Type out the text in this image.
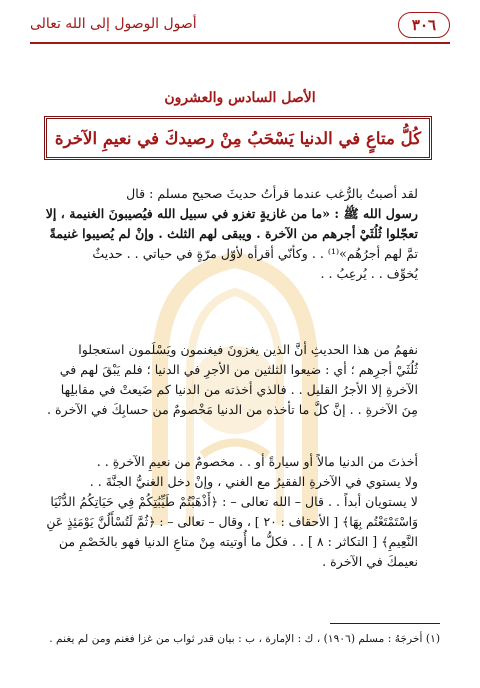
٣٠٦
أصول الوصول إلى الله تعالى
الأصل السادس والعشرون
كُلُّ متاعٍ في الدنيا يَسْحَبُ مِنْ رصيدكَ في نعيمِ الآخرة
لقد أصبتُ بالرُّغب عندما قرأتُ حديثَ صحيح مسلم : قال
رسول الله ﷺ : «ما من غازيةٍ تغزو في سبيل الله فيُصيبونَ الغنيمة ، إلا
تعجّلوا ثُلُثَيْ أجرهم من الآخرة . ويبقى لهم الثلث . وإنْ لم يُصيبوا غنيمةً
تمَّ لهم أجرُهُم»⁽¹⁾ . . وكأنّي أقرأه لأوّل مرّةٍ في حياتي . . حديثٌ
يُخوِّف . . يُرعِبُ . .
نفهمُ من هذا الحديثِ أنَّ الذين يغزونَ فيغنمون ويَسْلَمون استعجلوا
ثُلُثَيْ أجرِهم ؛ أي : ضيعوا الثلثين من الأجرِ في الدنيا ؛ فلم يَبْقَ لهم في
الآخرةِ إلا الأجرُ القليل . . فالذي أخذته من الدنيا كم ضَيعتْ في مقابلِها
مِنَ الآخرةِ . . إنَّ كلَّ ما تأخذه من الدنيا مَخْصومٌ من حسابِكَ في الآخرة .
أخذتَ من الدنيا مالاً أو سيارةً أو . . مخصومٌ من نعيمِ الآخرةِ . .
ولا يستوي في الآخرةِ الفقيرُ مع الغني ، وإنْ دخل الغنيُّ الجنَّةَ . .
لا يستويان أبداً . . قال – الله تعالى – : ﴿أَذْهَبْتُمْ طَيِّبَٰتِكُمْ فِي حَيَاتِكُمُ الدُّنْيَا
وَاسْتَمْتَعْتُم بِهَا﴾ [ الأحقاف : ٢٠ ] ، وقال – تعالى – : ﴿ثُمَّ لَتُسْأَلُنَّ يَوْمَئِذٍ عَنِ
النَّعِيمِ﴾ [ التكاثر : ٨ ] . . فكلُّ ما أُوتيته مِنْ متاعِ الدنيا فهو بالخَصْمِ من
نعيمكَ في الآخرة .
(١) أخرجَهُ : مسلم (١٩٠٦) ، ك : الإمارة ، ب : بيان قدر ثواب من غزا فغنم ومن لم يغنم .
